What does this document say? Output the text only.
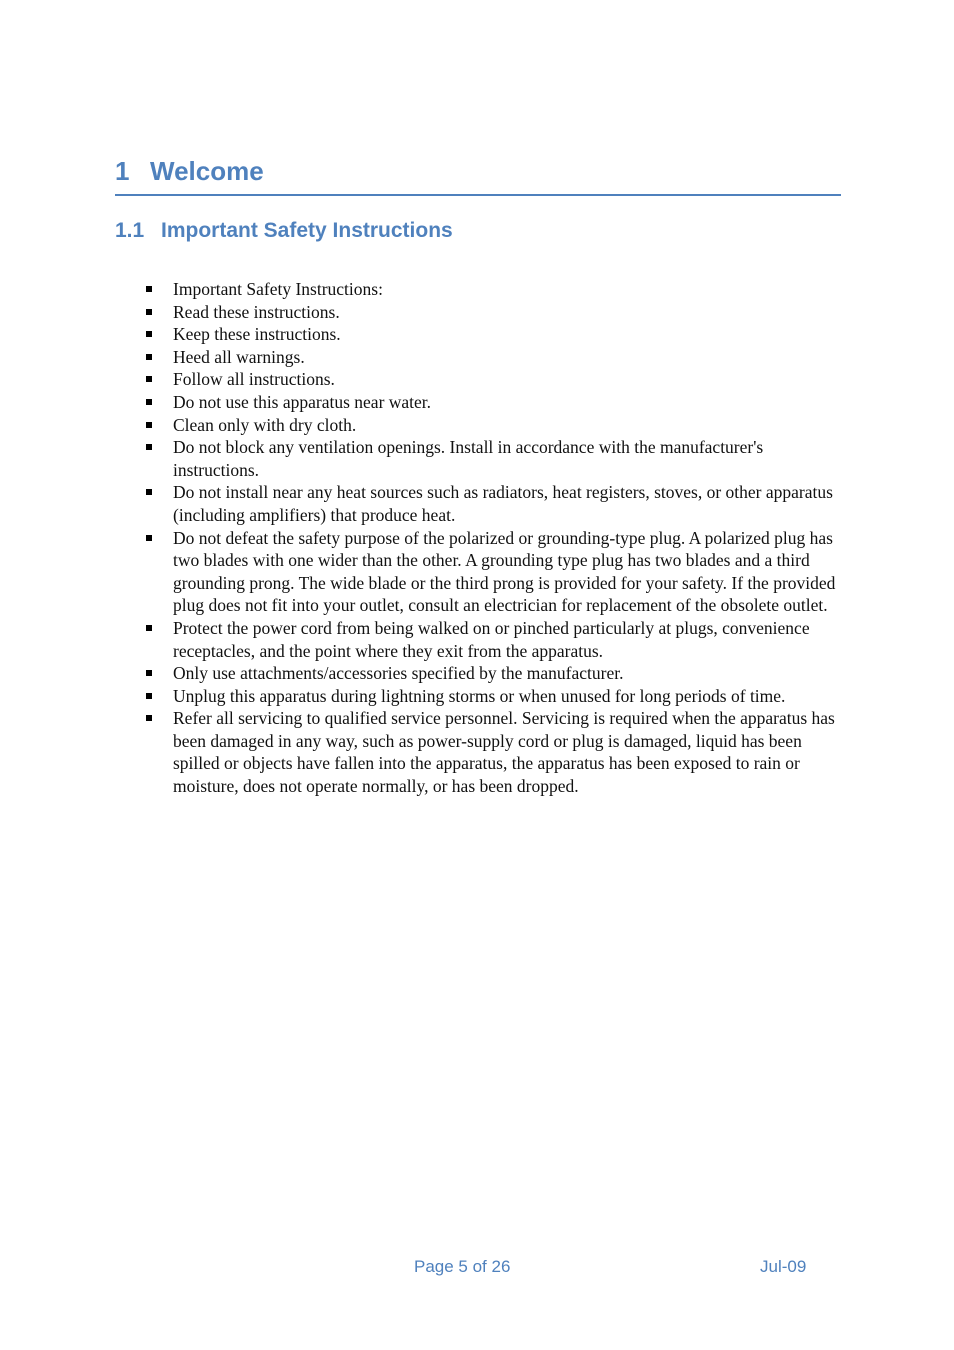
1 Welcome
1.1 Important Safety Instructions
Important Safety Instructions:
Read these instructions.
Keep these instructions.
Heed all warnings.
Follow all instructions.
Do not use this apparatus near water.
Clean only with dry cloth.
Do not block any ventilation openings. Install in accordance with the manufacturer's instructions.
Do not install near any heat sources such as radiators, heat registers, stoves, or other apparatus (including amplifiers) that produce heat.
Do not defeat the safety purpose of the polarized or grounding-type plug. A polarized plug has two blades with one wider than the other. A grounding type plug has two blades and a third grounding prong. The wide blade or the third prong is provided for your safety. If the provided plug does not fit into your outlet, consult an electrician for replacement of the obsolete outlet.
Protect the power cord from being walked on or pinched particularly at plugs, convenience receptacles, and the point where they exit from the apparatus.
Only use attachments/accessories specified by the manufacturer.
Unplug this apparatus during lightning storms or when unused for long periods of time.
Refer all servicing to qualified service personnel. Servicing is required when the apparatus has been damaged in any way, such as power-supply cord or plug is damaged, liquid has been spilled or objects have fallen into the apparatus, the apparatus has been exposed to rain or moisture, does not operate normally, or has been dropped.
Page 5 of 26	Jul-09
